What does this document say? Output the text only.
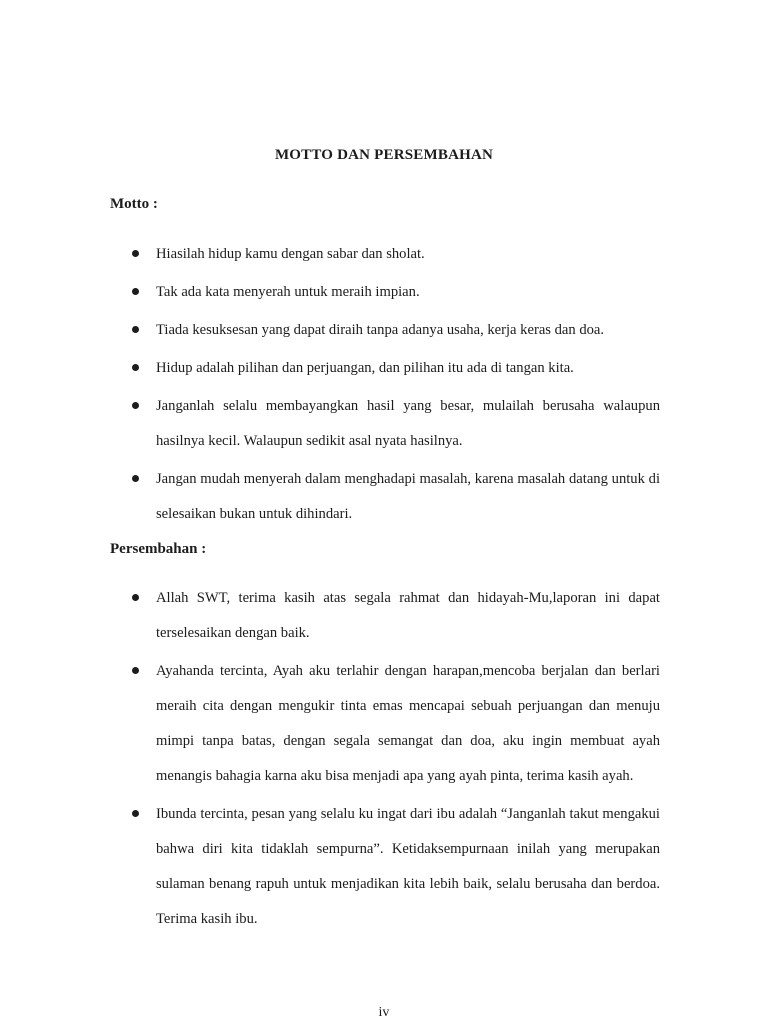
MOTTO DAN PERSEMBAHAN
Motto :
Hiasilah hidup kamu dengan sabar dan sholat.
Tak ada kata menyerah untuk meraih impian.
Tiada kesuksesan yang dapat diraih tanpa adanya usaha, kerja keras dan doa.
Hidup adalah pilihan dan perjuangan, dan pilihan itu ada di tangan kita.
Janganlah selalu membayangkan hasil yang besar, mulailah berusaha walaupun hasilnya kecil. Walaupun sedikit asal nyata hasilnya.
Jangan mudah menyerah dalam menghadapi masalah, karena masalah datang untuk di selesaikan bukan untuk dihindari.
Persembahan :
Allah SWT, terima kasih atas segala rahmat dan hidayah-Mu,laporan ini dapat terselesaikan dengan baik.
Ayahanda tercinta, Ayah aku terlahir dengan harapan,mencoba berjalan dan berlari meraih cita dengan mengukir tinta emas mencapai sebuah perjuangan dan menuju mimpi tanpa batas, dengan segala semangat dan doa, aku ingin membuat ayah menangis bahagia karna aku bisa menjadi apa yang ayah pinta, terima kasih ayah.
Ibunda tercinta, pesan yang selalu ku ingat dari ibu adalah “Janganlah takut mengakui bahwa diri kita tidaklah sempurna”. Ketidaksempurnaan inilah yang merupakan sulaman benang rapuh untuk menjadikan kita lebih baik, selalu berusaha dan berdoa. Terima kasih ibu.
iv
